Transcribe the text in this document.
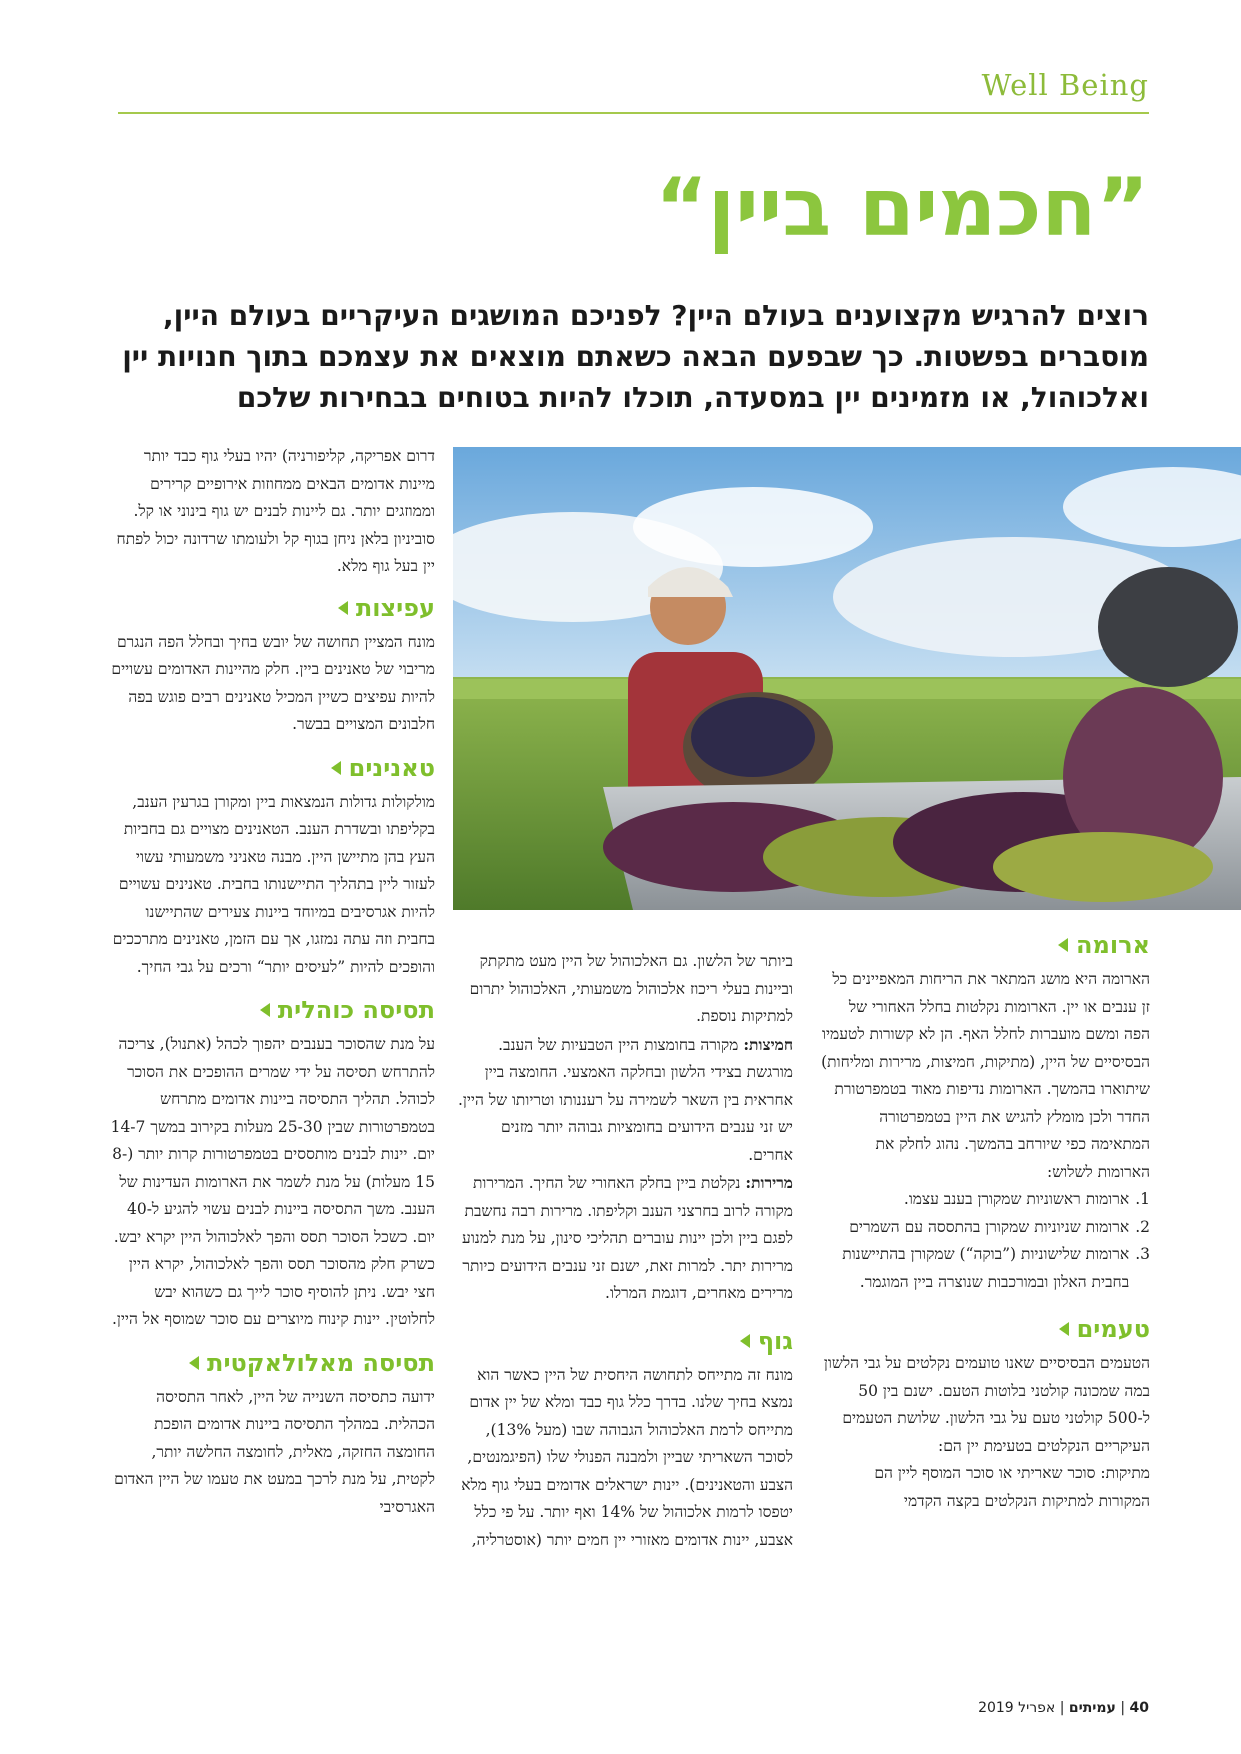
Well Being
”חכמים ביין“
רוצים להרגיש מקצוענים בעולם היין? לפניכם המושגים העיקריים בעולם היין, מוסברים בפשטות. כך שבפעם הבאה כשאתם מוצאים את עצמכם בתוך חנויות יין ואלכוהול, או מזמינים יין במסעדה, תוכלו להיות בטוחים בבחירות שלכם

דרום אפריקה, קליפורניה) יהיו בעלי גוף כבד יותר מיינות אדומים הבאים ממחוזות אירופיים קרירים וממוזגים יותר. גם ליינות לבנים יש גוף בינוני או קל. סוביניון בלאן ניחן בגוף קל ולעומתו שרדונה יכול לפתח יין בעל גוף מלא.

עפיצות

מונח המציין תחושה של יובש בחיך ובחלל הפה הנגרם מריבוי של טאנינים ביין. חלק מהיינות האדומים עשויים להיות עפיצים כשיין המכיל טאנינים רבים פוגש בפה חלבונים המצויים בבשר.

טאנינים

מולקולות גדולות הנמצאות ביין ומקורן בגרעין הענב, בקליפתו ובשדרת הענב. הטאנינים מצויים גם בחביות העץ בהן מתיישן היין. מבנה טאניני משמעותי עשוי לעזור ליין בתהליך התיישנותו בחבית. טאנינים עשויים להיות אגרסיבים במיוחד ביינות צעירים שהתיישנו בחבית וזה עתה נמזגו, אך עם הזמן, טאנינים מתרככים והופכים להיות ”לעיסים יותר“ ורכים על גבי החיך.

תסיסה כוהלית

על מנת שהסוכר בענבים יהפוך לכהל (אתנול), צריכה להתרחש תסיסה על ידי שמרים ההופכים את הסוכר לכוהל. תהליך התסיסה ביינות אדומים מתרחש בטמפרטורות שבין 25-30 מעלות בקירוב במשך 14-7 יום. יינות לבנים מותססים בטמפרטורות קרות יותר (8-15 מעלות) על מנת לשמר את הארומות העדינות של הענב. משך התסיסה ביינות לבנים עשוי להגיע ל-40 יום. כשכל הסוכר תסס והפך לאלכוהול היין יקרא יבש. כשרק חלק מהסוכר תסס והפך לאלכוהול, יקרא היין חצי יבש. ניתן להוסיף סוכר לייך גם כשהוא יבש לחלוטין. יינות קינוח מיוצרים עם סוכר שמוסף אל היין.

תסיסה מאלולאקטית

ידועה כתסיסה השנייה של היין, לאחר התסיסה הכהלית. במהלך התסיסה ביינות אדומים הופכת החומצה החזקה, מאלית, לחומצה החלשה יותר, לקטית, על מנת לרכך במעט את טעמו של היין האדום האגרסיבי

ביותר של הלשון. גם האלכוהול של היין מעט מתקתק וביינות בעלי ריכוז אלכוהול משמעותי, האלכוהול יתרום למתיקות נוספת.

חמיצות: מקורה בחומצות היין הטבעיות של הענב. מורגשת בצידי הלשון ובחלקה האמצעי. החומצה ביין אחראית בין השאר לשמירה על רעננותו וטריותו של היין. יש זני ענבים הידועים בחומציות גבוהה יותר מזנים אחרים.

מרירות: נקלטת ביין בחלק האחורי של החיך. המרירות מקורה לרוב בחרצני הענב וקליפתו. מרירות רבה נחשבת לפגם ביין ולכן יינות עוברים תהליכי סינון, על מנת למנוע מרירות יתר. למרות זאת, ישנם זני ענבים הידועים כיותר מרירים מאחרים, דוגמת המרלו.

גוף

מונח זה מתייחס לתחושה היחסית של היין כאשר הוא נמצא בחיך שלנו. בדרך כלל גוף כבד ומלא של יין אדום מתייחס לרמת האלכוהול הגבוהה שבו (מעל 13%), לסוכר השאריתי שביין ולמבנה הפנולי שלו (הפיגמנטים, הצבע והטאנינים). יינות ישראלים אדומים בעלי גוף מלא יטפסו לרמות אלכוהול של 14% ואף יותר. על פי כלל אצבע, יינות אדומים מאזורי יין חמים יותר (אוסטרליה,

ארומה

הארומה היא מושג המתאר את הריחות המאפיינים כל זן ענבים או יין. הארומות נקלטות בחלל האחורי של הפה ומשם מועברות לחלל האף. הן לא קשורות לטעמיו הבסיסיים של היין, (מתיקות, חמיצות, מרירות ומליחות) שיתוארו בהמשך. הארומות נדיפות מאוד בטמפרטורת החדר ולכן מומלץ להגיש את היין בטמפרטורה המתאימה כפי שיורחב בהמשך. נהוג לחלק את הארומות לשלוש:

1.
ארומות ראשוניות שמקורן בענב עצמו.
2.
ארומות שניוניות שמקורן בהתססה עם השמרים
3.
ארומות שלישוניות (”בוקה“) שמקורן בהתיישנות בחבית האלון ובמורכבות שנוצרה ביין המוגמר.
טעמים

הטעמים הבסיסיים שאנו טועמים נקלטים על גבי הלשון במה שמכונה קולטני בלוטות הטעם. ישנם בין 50 ל-500 קולטני טעם על גבי הלשון. שלושת הטעמים העיקריים הנקלטים בטעימת יין הם:

מתיקות: סוכר שאריתי או סוכר המוסף ליין הם המקורות למתיקות הנקלטים בקצה הקדמי

40 | עמיתים | אפריל 2019
